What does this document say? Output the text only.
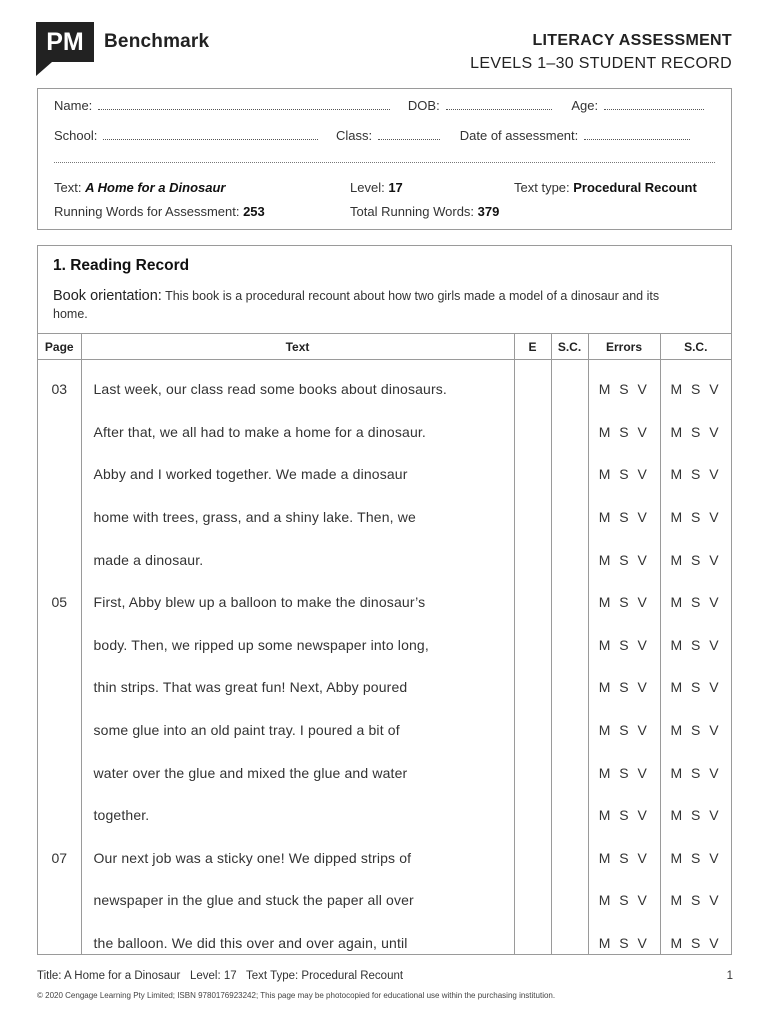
PM Benchmark	LITERACY ASSESSMENT
LEVELS 1–30 STUDENT RECORD
Name:	DOB:	Age:
School:	Class:	Date of assessment:
Text: A Home for a Dinosaur	Level: 17	Text type: Procedural Recount
Running Words for Assessment: 253	Total Running Words: 379
1. Reading Record
Book orientation: This book is a procedural recount about how two girls made a model of a dinosaur and its home.
Page	Text	E	S.C.	Errors	S.C.
03	Last week, our class read some books about dinosaurs.			M S V	M S V
	After that, we all had to make a home for a dinosaur.			M S V	M S V
	Abby and I worked together. We made a dinosaur			M S V	M S V
	home with trees, grass, and a shiny lake. Then, we			M S V	M S V
	made a dinosaur.			M S V	M S V
05	First, Abby blew up a balloon to make the dinosaur’s			M S V	M S V
	body. Then, we ripped up some newspaper into long,			M S V	M S V
	thin strips. That was great fun! Next, Abby poured			M S V	M S V
	some glue into an old paint tray. I poured a bit of			M S V	M S V
	water over the glue and mixed the glue and water			M S V	M S V
	together.			M S V	M S V
07	Our next job was a sticky one! We dipped strips of			M S V	M S V
	newspaper in the glue and stuck the paper all over			M S V	M S V
	the balloon. We did this over and over again, until			M S V	M S V
Title: A Home for a Dinosaur   Level: 17   Text Type: Procedural Recount	1
© 2020 Cengage Learning Pty Limited; ISBN 9780176923242; This page may be photocopied for educational use within the purchasing institution.
